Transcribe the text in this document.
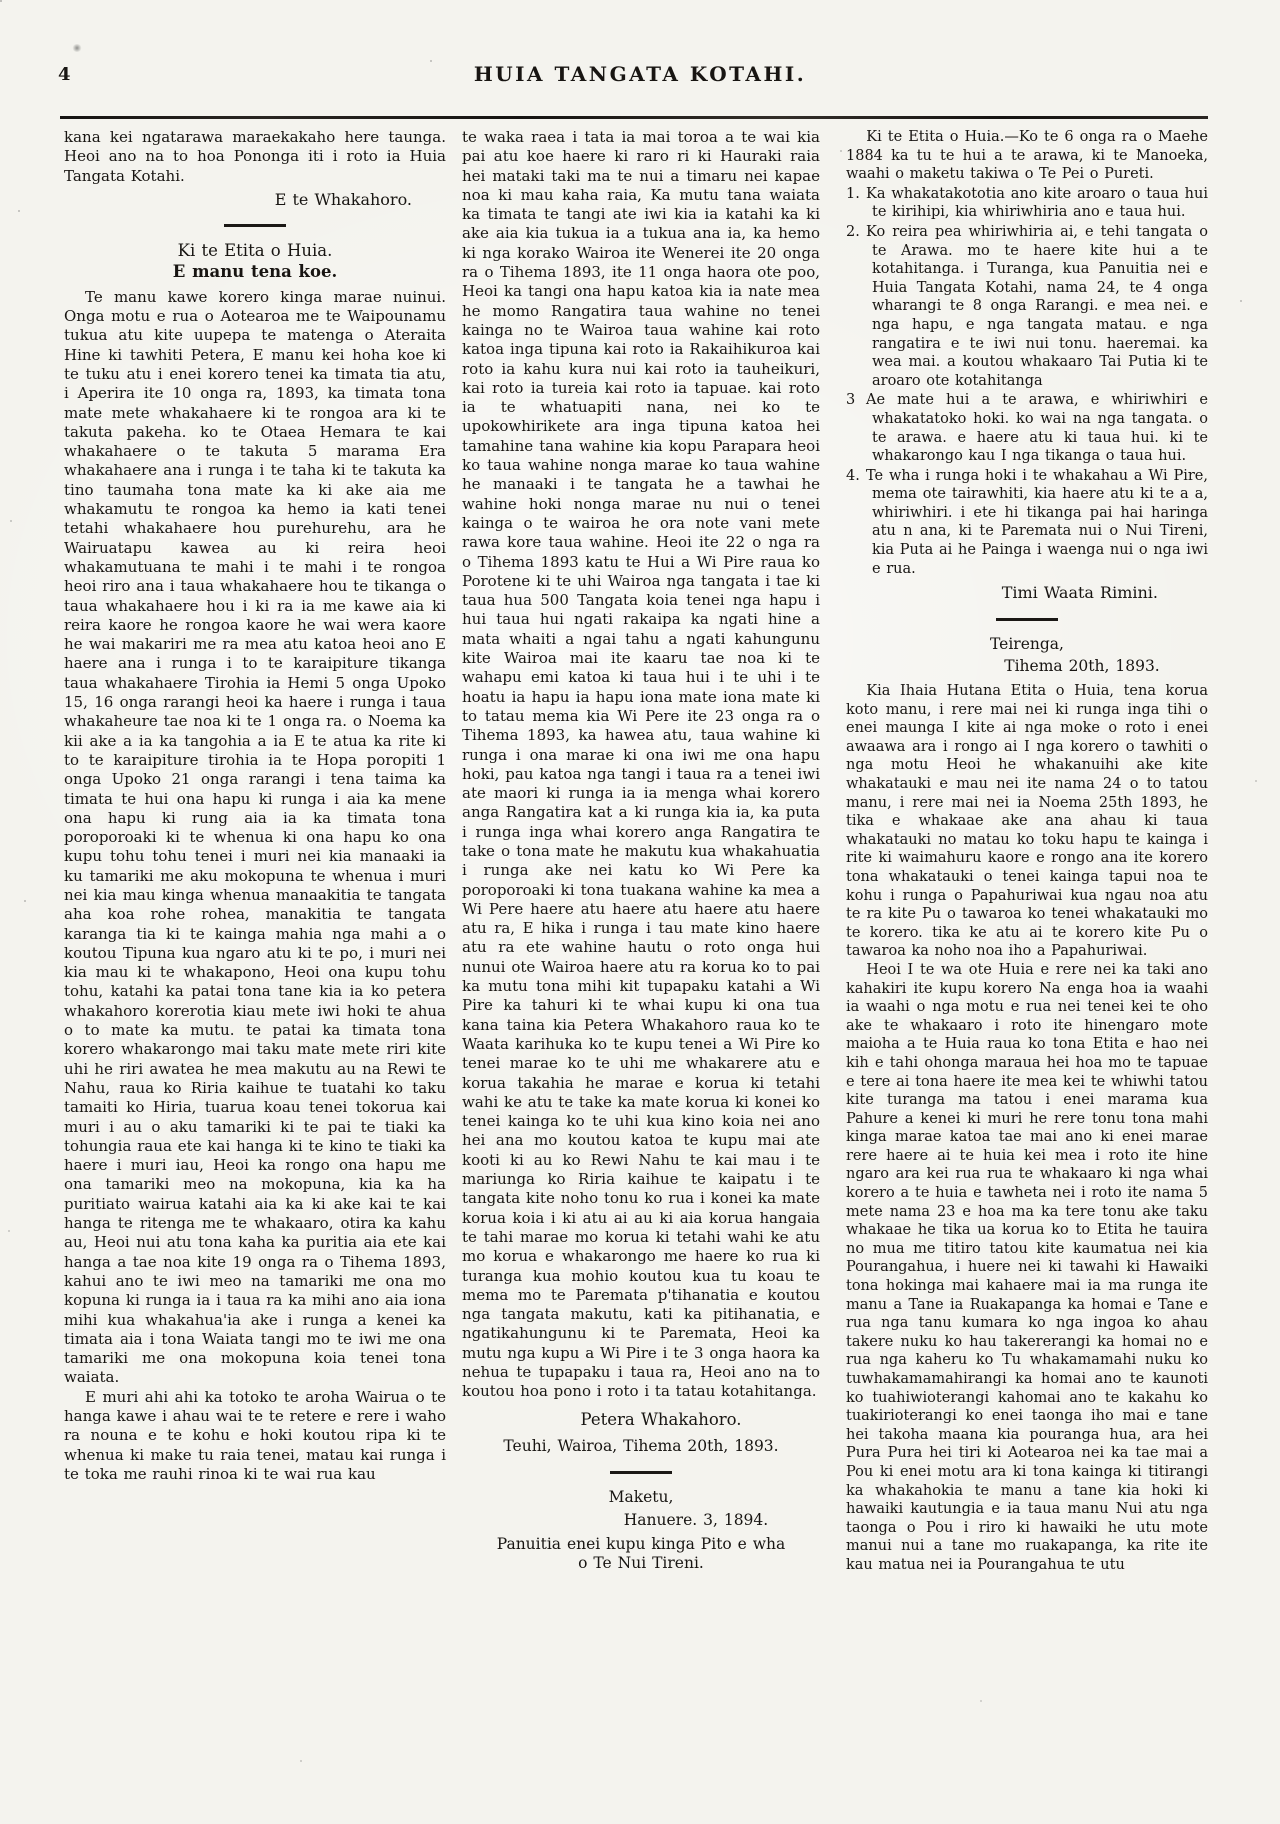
4	HUIA TANGATA KOTAHI.

kana kei ngatarawa maraekakaho here taunga. Heoi ano na to hoa Pononga iti i roto ia Huia Tangata Kotahi.

E te Whakahoro.
Ki te Etita o Huia.
E manu tena koe.

Te manu kawe korero kinga marae nuinui. Onga motu e rua o Aotearoa me te Waipounamu tukua atu kite uupepa te matenga o Ateraita Hine ki tawhiti Petera, E manu kei hoha koe ki te tuku atu i enei korero tenei ka timata tia atu, i Aperira ite 10 onga ra, 1893, ka timata tona mate mete whakahaere ki te rongoa ara ki te takuta pakeha. ko te Otaea Hemara te kai whakahaere o te takuta 5 marama Era whakahaere ana i runga i te taha ki te takuta ka tino taumaha tona mate ka ki ake aia me whakamutu te rongoa ka hemo ia kati tenei tetahi whakahaere hou purehurehu, ara he Wairuatapu kawea au ki reira heoi whakamutuana te mahi i te mahi i te rongoa heoi riro ana i taua whakahaere hou te tikanga o taua whakahaere hou i ki ra ia me kawe aia ki reira kaore he rongoa kaore he wai wera kaore he wai makariri me ra mea atu katoa heoi ano E haere ana i runga i to te karaipiture tikanga taua whakahaere Tirohia ia Hemi 5 onga Upoko 15, 16 onga rarangi heoi ka haere i runga i taua whakaheure tae noa ki te 1 onga ra. o Noema ka kii ake a ia ka tangohia a ia E te atua ka rite ki to te karaipiture tirohia ia te Hopa poropiti 1 onga Upoko 21 onga rarangi i tena taima ka timata te hui ona hapu ki runga i aia ka mene ona hapu ki rung aia ia ka timata tona poroporoaki ki te whenua ki ona hapu ko ona kupu tohu tohu tenei i muri nei kia manaaki ia ku tamariki me aku mokopuna te whenua i muri nei kia mau kinga whenua manaakitia te tangata aha koa rohe rohea, manakitia te tangata karanga tia ki te kainga mahia nga mahi a o koutou Tipuna kua ngaro atu ki te po, i muri nei kia mau ki te whakapono, Heoi ona kupu tohu tohu, katahi ka patai tona tane kia ia ko petera whakahoro korerotia kiau mete iwi hoki te ahua o to mate ka mutu. te patai ka timata tona korero whakarongo mai taku mate mete riri kite uhi he riri awatea he mea makutu au na Rewi te Nahu, raua ko Riria kaihue te tuatahi ko taku tamaiti ko Hiria, tuarua koau tenei tokorua kai muri i au o aku tamariki ki te pai te tiaki ka tohungia raua ete kai hanga ki te kino te tiaki ka haere i muri iau, Heoi ka rongo ona hapu me ona tamariki meo na mokopuna, kia ka ha puritiato wairua katahi aia ka ki ake kai te kai hanga te ritenga me te whakaaro, otira ka kahu au, Heoi nui atu tona kaha ka puritia aia ete kai hanga a tae noa kite 19 onga ra o Tihema 1893, kahui ano te iwi meo na tamariki me ona mo kopuna ki runga ia i taua ra ka mihi ano aia iona mihi kua whakahua'ia ake i runga a kenei ka timata aia i tona Waiata tangi mo te iwi me ona tamariki me ona mokopuna koia tenei tona waiata.

E muri ahi ahi ka totoko te aroha Wairua o te hanga kawe i ahau wai te te retere e rere i waho ra nouna e te kohu e hoki koutou ripa ki te whenua ki make tu raia tenei, matau kai runga i te toka me rauhi rinoa ki te wai rua kau

te waka raea i tata ia mai toroa a te wai kia pai atu koe haere ki raro ri ki Hauraki raia hei mataki taki ma te nui a timaru nei kapae noa ki mau kaha raia, Ka mutu tana waiata ka timata te tangi ate iwi kia ia katahi ka ki ake aia kia tukua ia a tukua ana ia, ka hemo ki nga korako Wairoa ite Wenerei ite 20 onga ra o Tihema 1893, ite 11 onga haora ote poo, Heoi ka tangi ona hapu katoa kia ia nate mea he momo Rangatira taua wahine no tenei kainga no te Wairoa taua wahine kai roto katoa inga tipuna kai roto ia Rakaihikuroa kai roto ia kahu kura nui kai roto ia tauheikuri, kai roto ia tureia kai roto ia tapuae. kai roto ia te whatuapiti nana, nei ko te upokowhirikete ara inga tipuna katoa hei tamahine tana wahine kia kopu Parapara heoi ko taua wahine nonga marae ko taua wahine he manaaki i te tangata he a tawhai he wahine hoki nonga marae nu nui o tenei kainga o te wairoa he ora note vani mete rawa kore taua wahine. Heoi ite 22 o nga ra o Tihema 1893 katu te Hui a Wi Pire raua ko Porotene ki te uhi Wairoa nga tangata i tae ki taua hua 500 Tangata koia tenei nga hapu i hui taua hui ngati rakaipa ka ngati hine a mata whaiti a ngai tahu a ngati kahungunu kite Wairoa mai ite kaaru tae noa ki te wahapu emi katoa ki taua hui i te uhi i te hoatu ia hapu ia hapu iona mate iona mate ki to tatau mema kia Wi Pere ite 23 onga ra o Tihema 1893, ka hawea atu, taua wahine ki runga i ona marae ki ona iwi me ona hapu hoki, pau katoa nga tangi i taua ra a tenei iwi ate maori ki runga ia ia menga whai korero anga Rangatira kat a ki runga kia ia, ka puta i runga inga whai korero anga Rangatira te take o tona mate he makutu kua whakahuatia i runga ake nei katu ko Wi Pere ka poroporoaki ki tona tuakana wahine ka mea a Wi Pere haere atu haere atu haere atu haere atu ra, E hika i runga i tau mate kino haere atu ra ete wahine hautu o roto onga hui nunui ote Wairoa haere atu ra korua ko to pai ka mutu tona mihi kit tupapaku katahi a Wi Pire ka tahuri ki te whai kupu ki ona tua kana taina kia Petera Whakahoro raua ko te Waata karihuka ko te kupu tenei a Wi Pire ko tenei marae ko te uhi me whakarere atu e korua takahia he marae e korua ki tetahi wahi ke atu te take ka mate korua ki konei ko tenei kainga ko te uhi kua kino koia nei ano hei ana mo koutou katoa te kupu mai ate kooti ki au ko Rewi Nahu te kai mau i te mariunga ko Riria kaihue te kaipatu i te tangata kite noho tonu ko rua i konei ka mate korua koia i ki atu ai au ki aia korua hangaia te tahi marae mo korua ki tetahi wahi ke atu mo korua e whakarongo me haere ko rua ki turanga kua mohio koutou kua tu koau te mema mo te Paremata p'tihanatia e koutou nga tangata makutu, kati ka pitihanatia, e ngatikahungunu ki te Paremata, Heoi ka mutu nga kupu a Wi Pire i te 3 onga haora ka nehua te tupapaku i taua ra, Heoi ano na to koutou hoa pono i roto i ta tatau kotahitanga.

Petera Whakahoro.
Teuhi, Wairoa, Tihema 20th, 1893.
Maketu,
Hanuere. 3, 1894.
Panuitia enei kupu kinga Pito e wha o Te Nui Tireni.

Ki te Etita o Huia.—Ko te 6 onga ra o Maehe 1884 ka tu te hui a te arawa, ki te Manoeka, waahi o maketu takiwa o Te Pei o Pureti.

1. Ka whakatakototia ano kite aroaro o taua hui te kirihipi, kia whiriwhiria ano e taua hui.
2. Ko reira pea whiriwhiria ai, e tehi tangata o te Arawa. mo te haere kite hui a te kotahitanga. i Turanga, kua Panuitia nei e Huia Tangata Kotahi, nama 24, te 4 onga wharangi te 8 onga Rarangi. e mea nei. e nga hapu, e nga tangata matau. e nga rangatira e te iwi nui tonu. haeremai. ka wea mai. a koutou whakaaro Tai Putia ki te aroaro ote kotahitanga
3 Ae mate hui a te arawa, e whiriwhiri e whakatatoko hoki. ko wai na nga tangata. o te arawa. e haere atu ki taua hui. ki te whakarongo kau I nga tikanga o taua hui.
4. Te wha i runga hoki i te whakahau a Wi Pire, mema ote tairawhiti, kia haere atu ki te a a, whiriwhiri. i ete hi tikanga pai hai haringa atu n ana, ki te Paremata nui o Nui Tireni, kia Puta ai he Painga i waenga nui o nga iwi e rua.
Timi Waata Rimini.
Teirenga,
Tihema 20th, 1893.

Kia Ihaia Hutana Etita o Huia, tena korua koto manu, i rere mai nei ki runga inga tihi o enei maunga I kite ai nga moke o roto i enei awaawa ara i rongo ai I nga korero o tawhiti o nga motu Heoi he whakanuihi ake kite whakatauki e mau nei ite nama 24 o to tatou manu, i rere mai nei ia Noema 25th 1893, he tika e whakaae ake ana ahau ki taua whakatauki no matau ko toku hapu te kainga i rite ki waimahuru kaore e rongo ana ite korero tona whakatauki o tenei kainga tapui noa te kohu i runga o Papahuriwai kua ngau noa atu te ra kite Pu o tawaroa ko tenei whakatauki mo te korero. tika ke atu ai te korero kite Pu o tawaroa ka noho noa iho a Papahuriwai.

Heoi I te wa ote Huia e rere nei ka taki ano kahakiri ite kupu korero Na enga hoa ia waahi ia waahi o nga motu e rua nei tenei kei te oho ake te whakaaro i roto ite hinengaro mote maioha a te Huia raua ko tona Etita e hao nei kih e tahi ohonga maraua hei hoa mo te tapuae e tere ai tona haere ite mea kei te whiwhi tatou kite turanga ma tatou i enei marama kua Pahure a kenei ki muri he rere tonu tona mahi kinga marae katoa tae mai ano ki enei marae rere haere ai te huia kei mea i roto ite hine ngaro ara kei rua rua te whakaaro ki nga whai korero a te huia e tawheta nei i roto ite nama 5 mete nama 23 e hoa ma ka tere tonu ake taku whakaae he tika ua korua ko to Etita he tauira no mua me titiro tatou kite kaumatua nei kia Pourangahua, i huere nei ki tawahi ki Hawaiki tona hokinga mai kahaere mai ia ma runga ite manu a Tane ia Ruakapanga ka homai e Tane e rua nga tanu kumara ko nga ingoa ko ahau takere nuku ko hau takererangi ka homai no e rua nga kaheru ko Tu whakamamahi nuku ko tuwhakamamahirangi ka homai ano te kaunoti ko tuahiwioterangi kahomai ano te kakahu ko tuakirioterangi ko enei taonga iho mai e tane hei takoha maana kia pouranga hua, ara hei Pura Pura hei tiri ki Aotearoa nei ka tae mai a Pou ki enei motu ara ki tona kainga ki titirangi ka whakahokia te manu a tane kia hoki ki hawaiki kautungia e ia taua manu Nui atu nga taonga o Pou i riro ki hawaiki he utu mote manui nui a tane mo ruakapanga, ka rite ite kau matua nei ia Pourangahua te utu
